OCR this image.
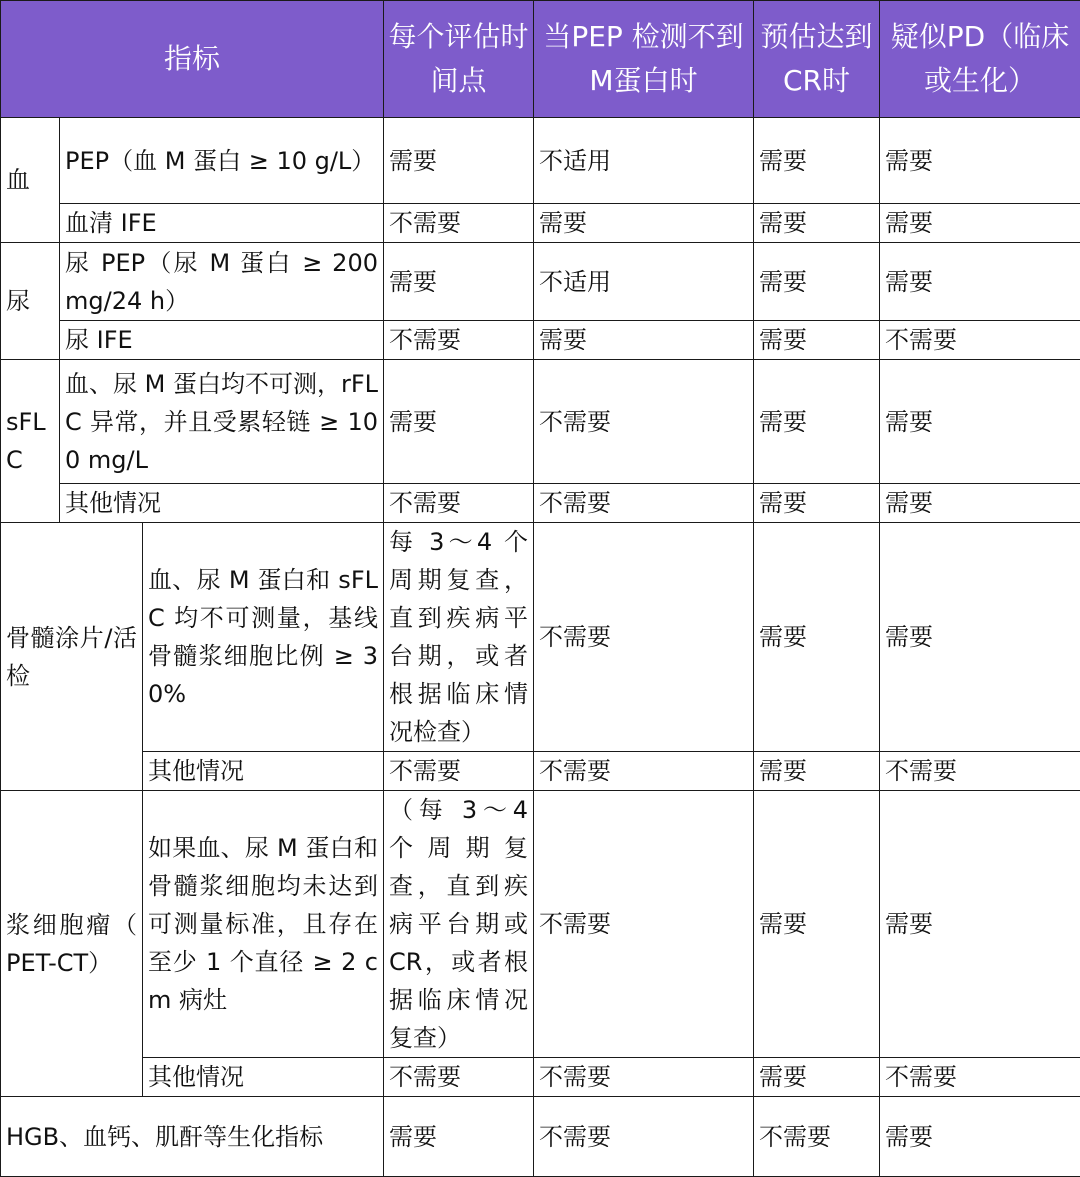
指标			每个评估时间点	当PEP 检测不到M蛋白时	预估达到CR时	疑似PD（临床或生化）
血	PEP（血 M 蛋白 ≥ 10 g/L）		需要	不适用	需要	需要
	血清 IFE		不需要	需要	需要	需要
尿	尿 PEP（尿 M 蛋白 ≥ 200 mg/24 h）		需要	不适用	需要	需要
	尿 IFE		不需要	需要	需要	不需要
sFLC	血、尿 M 蛋白均不可测，rFLC 异常，并且受累轻链 ≥ 100 mg/L		需要	不需要	需要	需要
	其他情况		不需要	不需要	需要	需要
骨髓涂片/活检		血、尿 M 蛋白和 sFLC 均不可测量，基线骨髓浆细胞比例 ≥ 30%	每 3～4 个周期复查，直到疾病平台期，或者根据临床情况检查）	不需要	需要	需要
		其他情况	不需要	不需要	需要	不需要
浆细胞瘤（ PET-CT）		如果血、尿 M 蛋白和骨髓浆细胞均未达到可测量标准，且存在至少 1 个直径 ≥ 2 cm 病灶	（每 3～4 个周期复查，直到疾病平台期或 CR，或者根据临床情况复查）	不需要	需要	需要
		其他情况	不需要	不需要	需要	不需要
HGB、血钙、肌酐等生化指标			需要	不需要	不需要	需要
